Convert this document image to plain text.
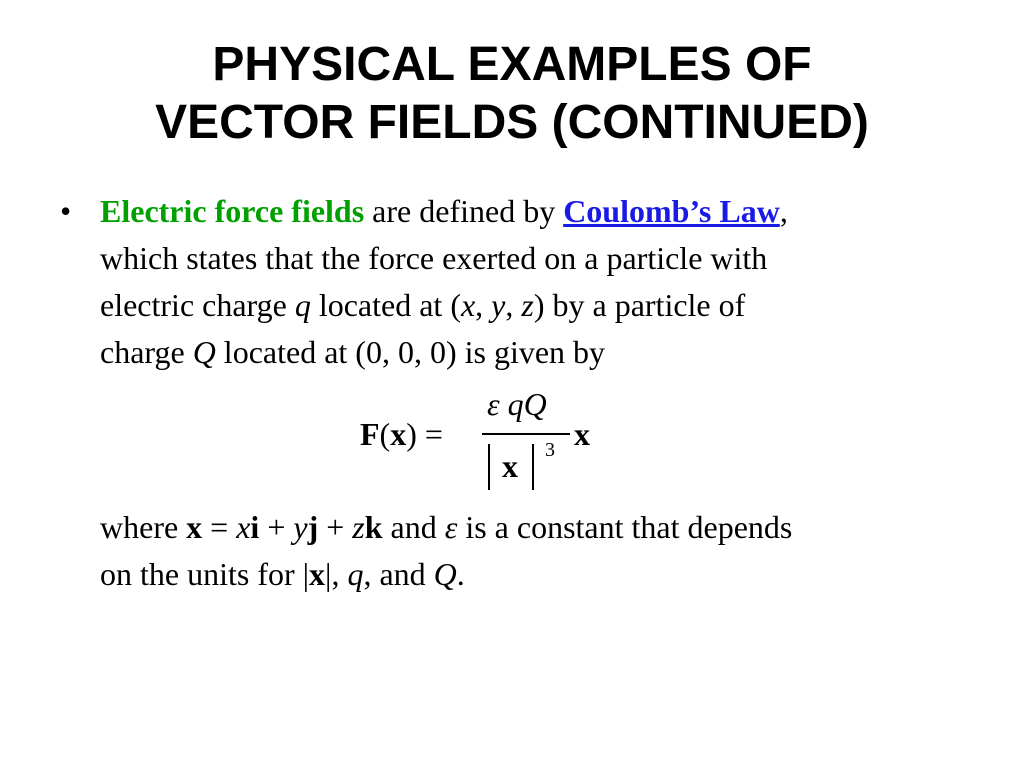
PHYSICAL EXAMPLES OF
VECTOR FIELDS (CONTINUED)
• Electric force fields are defined by Coulomb’s Law,
which states that the force exerted on a particle with
electric charge q located at (x, y, z) by a particle of
charge Q located at (0, 0, 0) is given by
F(x) =
ε qQ
x 3 x
where x = xi + yj + zk and ε is a constant that depends
on the units for |x|, q, and Q.
